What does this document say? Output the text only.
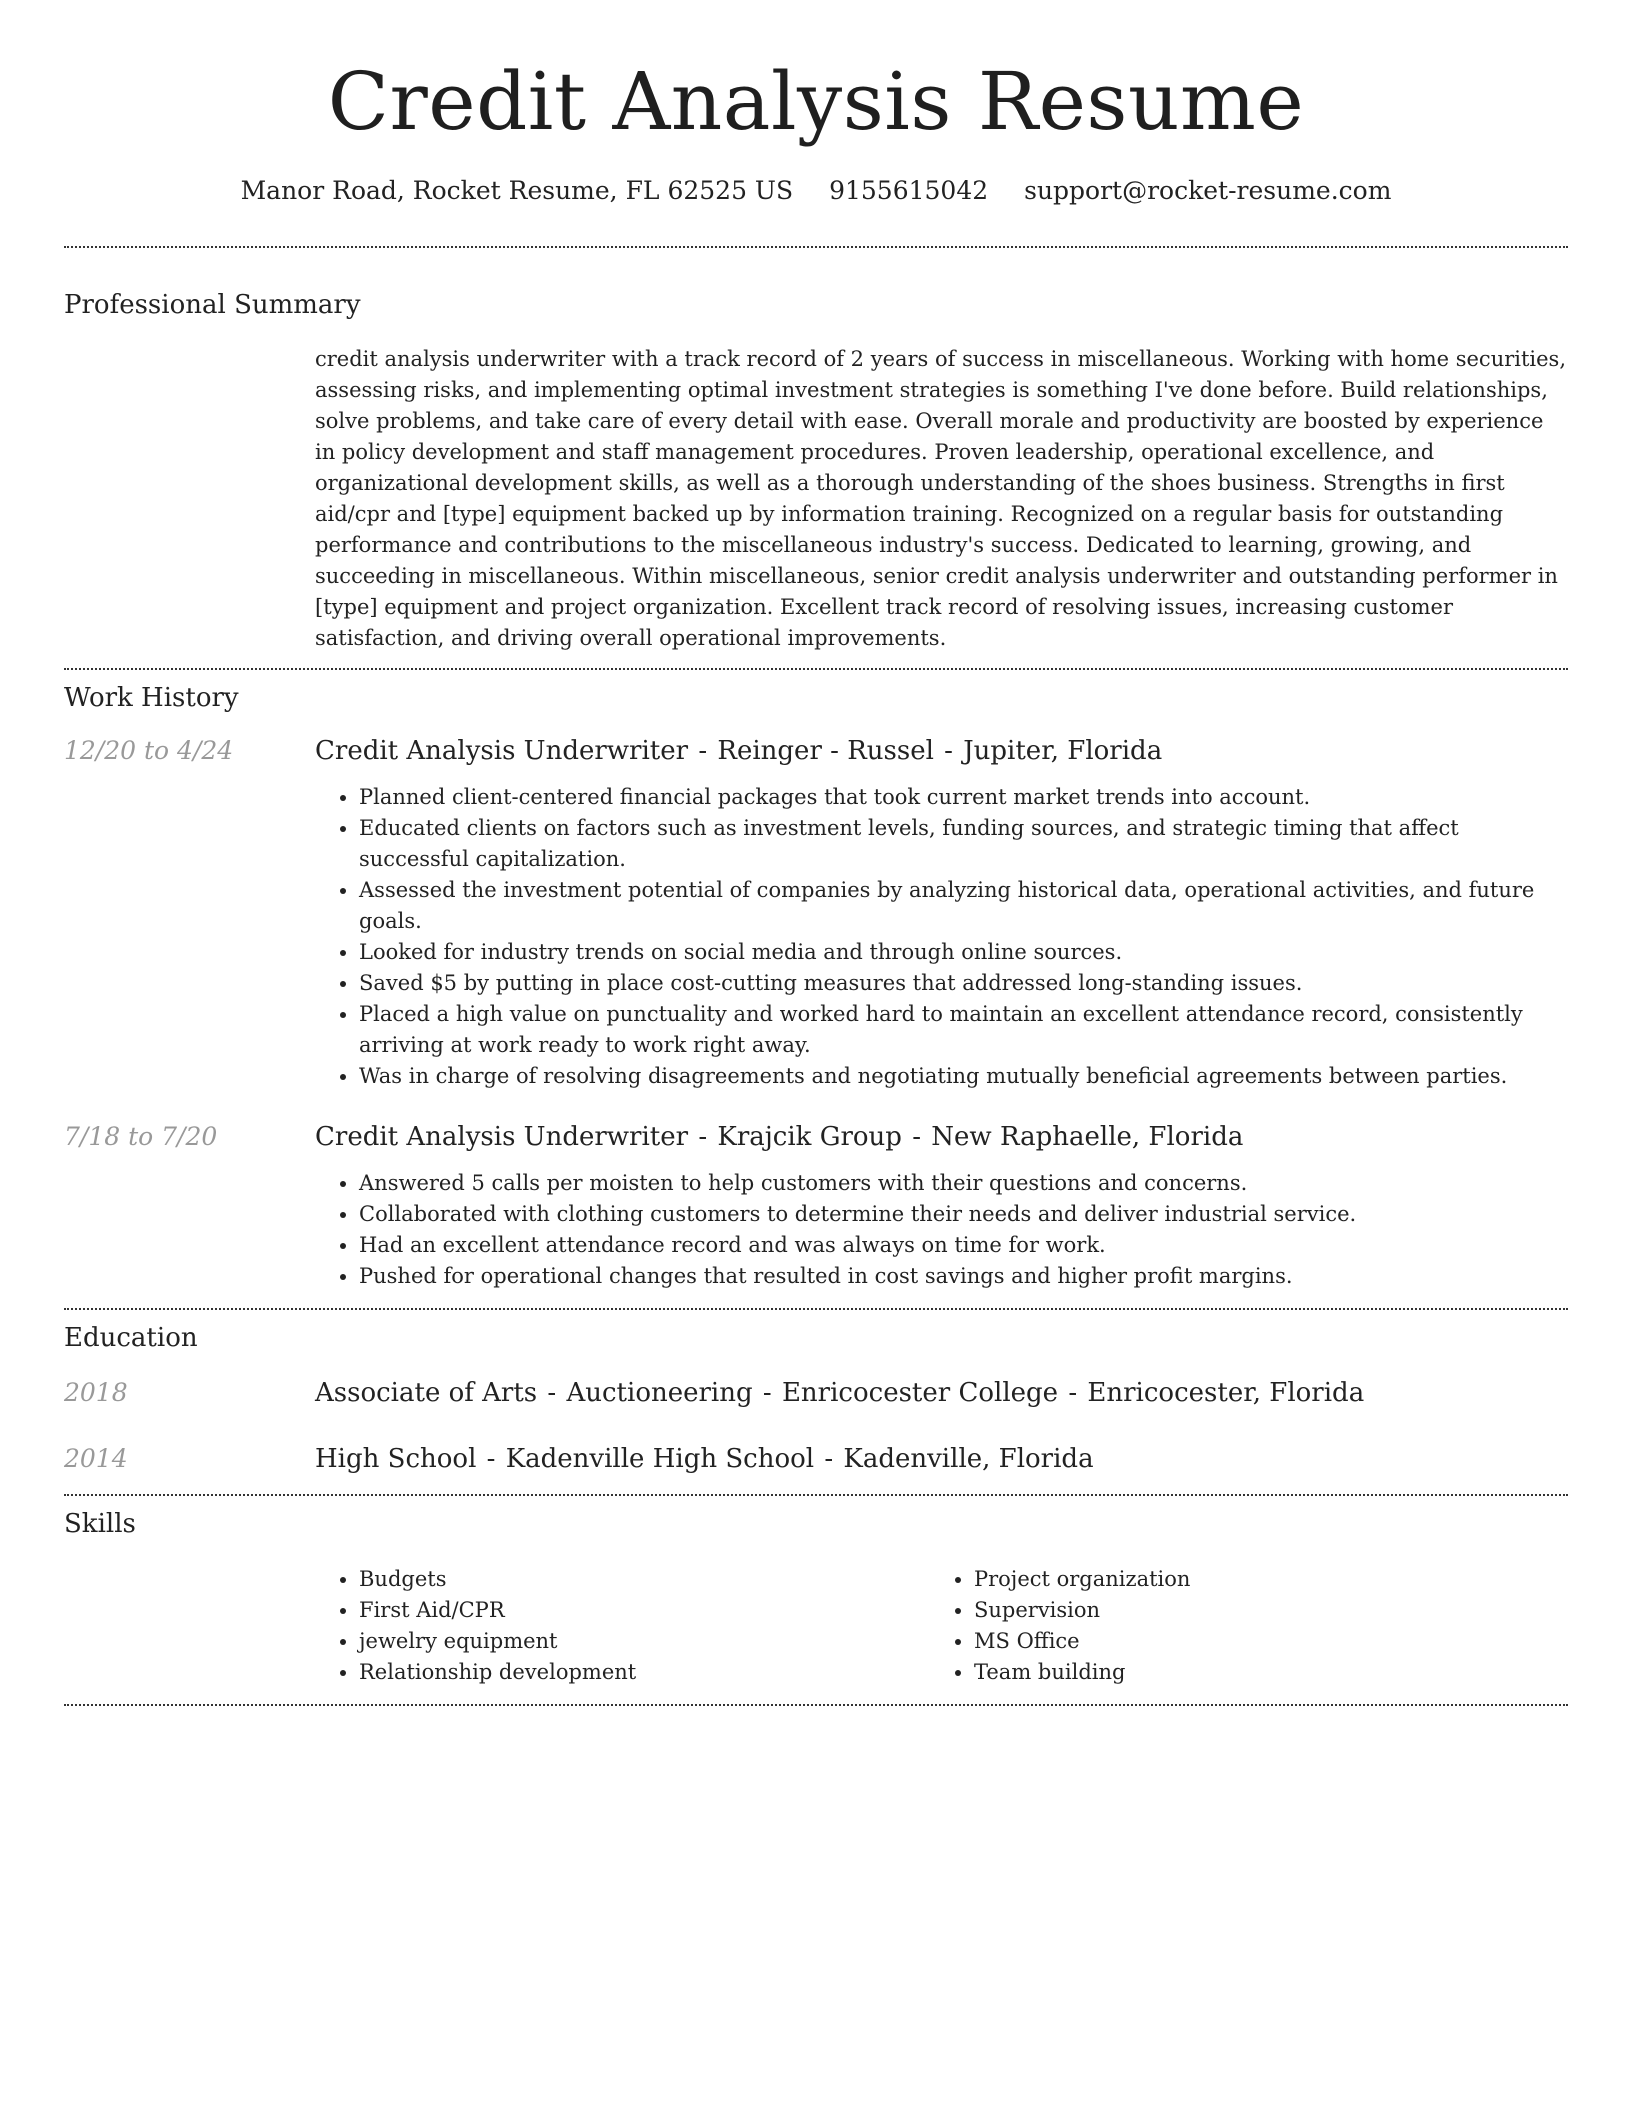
Credit Analysis Resume
Manor Road, Rocket Resume, FL 62525 US 9155615042 support@rocket-resume.com
Professional Summary
credit analysis underwriter with a track record of 2 years of success in miscellaneous. Working with home securities, assessing risks, and implementing optimal investment strategies is something I've done before. Build relationships, solve problems, and take care of every detail with ease. Overall morale and productivity are boosted by experience in policy development and staff management procedures. Proven leadership, operational excellence, and organizational development skills, as well as a thorough understanding of the shoes business. Strengths in first aid/cpr and [type] equipment backed up by information training. Recognized on a regular basis for outstanding performance and contributions to the miscellaneous industry's success. Dedicated to learning, growing, and succeeding in miscellaneous. Within miscellaneous, senior credit analysis underwriter and outstanding performer in [type] equipment and project organization. Excellent track record of resolving issues, increasing customer satisfaction, and driving overall operational improvements.
Work History
12/20 to 4/24	Credit Analysis Underwriter - Reinger - Russel - Jupiter, Florida
• Planned client-centered financial packages that took current market trends into account.
• Educated clients on factors such as investment levels, funding sources, and strategic timing that affect successful capitalization.
• Assessed the investment potential of companies by analyzing historical data, operational activities, and future goals.
• Looked for industry trends on social media and through online sources.
• Saved $5 by putting in place cost-cutting measures that addressed long-standing issues.
• Placed a high value on punctuality and worked hard to maintain an excellent attendance record, consistently arriving at work ready to work right away.
• Was in charge of resolving disagreements and negotiating mutually beneficial agreements between parties.
7/18 to 7/20	Credit Analysis Underwriter - Krajcik Group - New Raphaelle, Florida
• Answered 5 calls per moisten to help customers with their questions and concerns.
• Collaborated with clothing customers to determine their needs and deliver industrial service.
• Had an excellent attendance record and was always on time for work.
• Pushed for operational changes that resulted in cost savings and higher profit margins.
Education
2018	Associate of Arts - Auctioneering - Enricocester College - Enricocester, Florida
2014	High School - Kadenville High School - Kadenville, Florida
Skills
• Budgets
• First Aid/CPR
• jewelry equipment
• Relationship development
• Project organization
• Supervision
• MS Office
• Team building
